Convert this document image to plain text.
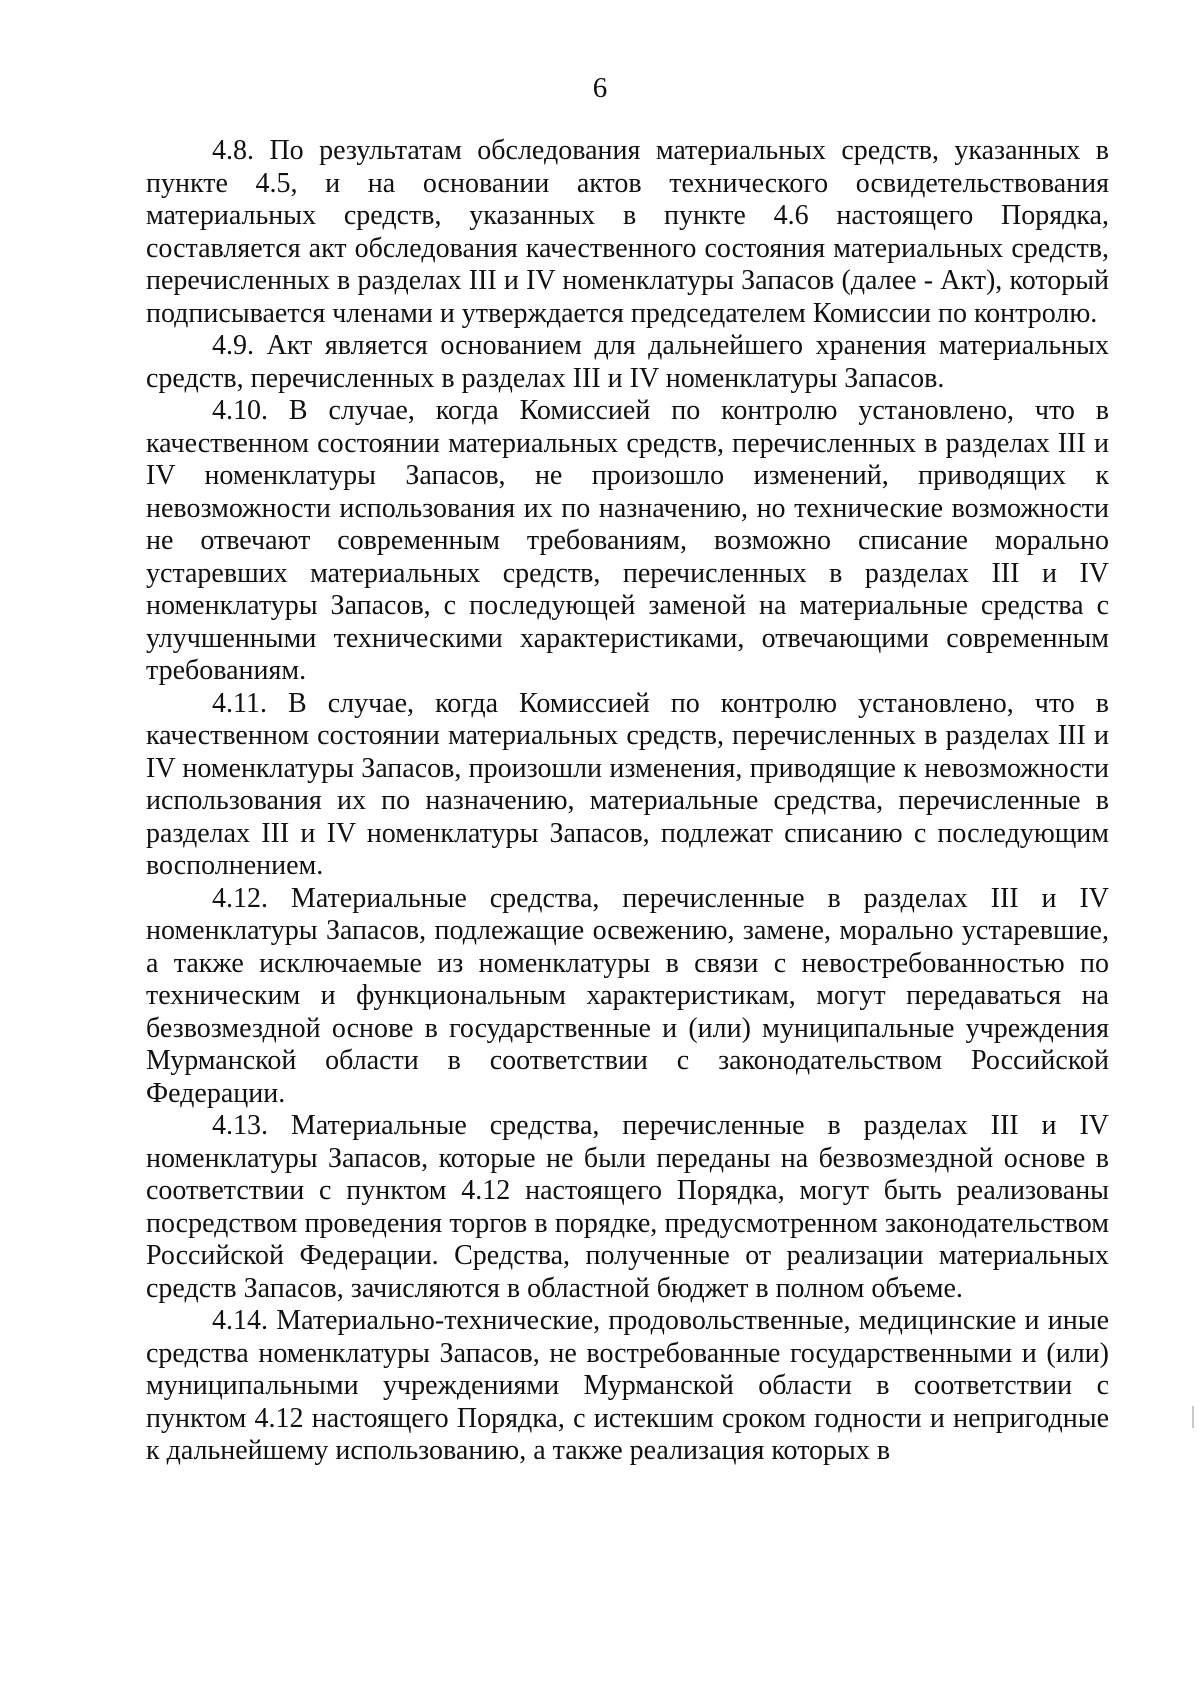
6

4.8. По результатам обследования материальных средств, указанных в пункте 4.5, и на основании актов технического освидетельствования материальных средств, указанных в пункте 4.6 настоящего Порядка, составляется акт обследования качественного состояния материальных средств, перечисленных в разделах III и IV номенклатуры Запасов (далее - Акт), который подписывается членами и утверждается председателем Комиссии по контролю.

4.9. Акт является основанием для дальнейшего хранения материальных средств, перечисленных в разделах III и IV номенклатуры Запасов.

4.10. В случае, когда Комиссией по контролю установлено, что в качественном состоянии материальных средств, перечисленных в разделах III и IV номенклатуры Запасов, не произошло изменений, приводящих к невозможности использования их по назначению, но технические возможности не отвечают современным требованиям, возможно списание морально устаревших материальных средств, перечисленных в разделах III и IV номенклатуры Запасов, с последующей заменой на материальные средства с улучшенными техническими характеристиками, отвечающими современным требованиям.

4.11. В случае, когда Комиссией по контролю установлено, что в качественном состоянии материальных средств, перечисленных в разделах III и IV номенклатуры Запасов, произошли изменения, приводящие к невозможности использования их по назначению, материальные средства, перечисленные в разделах III и IV номенклатуры Запасов, подлежат списанию с последующим восполнением.

4.12. Материальные средства, перечисленные в разделах III и IV номенклатуры Запасов, подлежащие освежению, замене, морально устаревшие, а также исключаемые из номенклатуры в связи с невостребованностью по техническим и функциональным характеристикам, могут передаваться на безвозмездной основе в государственные и (или) муниципальные учреждения Мурманской области в соответствии с законодательством Российской Федерации.

4.13. Материальные средства, перечисленные в разделах III и IV номенклатуры Запасов, которые не были переданы на безвозмездной основе в соответствии с пунктом 4.12 настоящего Порядка, могут быть реализованы посредством проведения торгов в порядке, предусмотренном законодательством Российской Федерации. Средства, полученные от реализации материальных средств Запасов, зачисляются в областной бюджет в полном объеме.

4.14. Материально-технические, продовольственные, медицинские и иные средства номенклатуры Запасов, не востребованные государственными и (или) муниципальными учреждениями Мурманской области в соответствии с пунктом 4.12 настоящего Порядка, с истекшим сроком годности и непригодные к дальнейшему использованию, а также реализация которых в
